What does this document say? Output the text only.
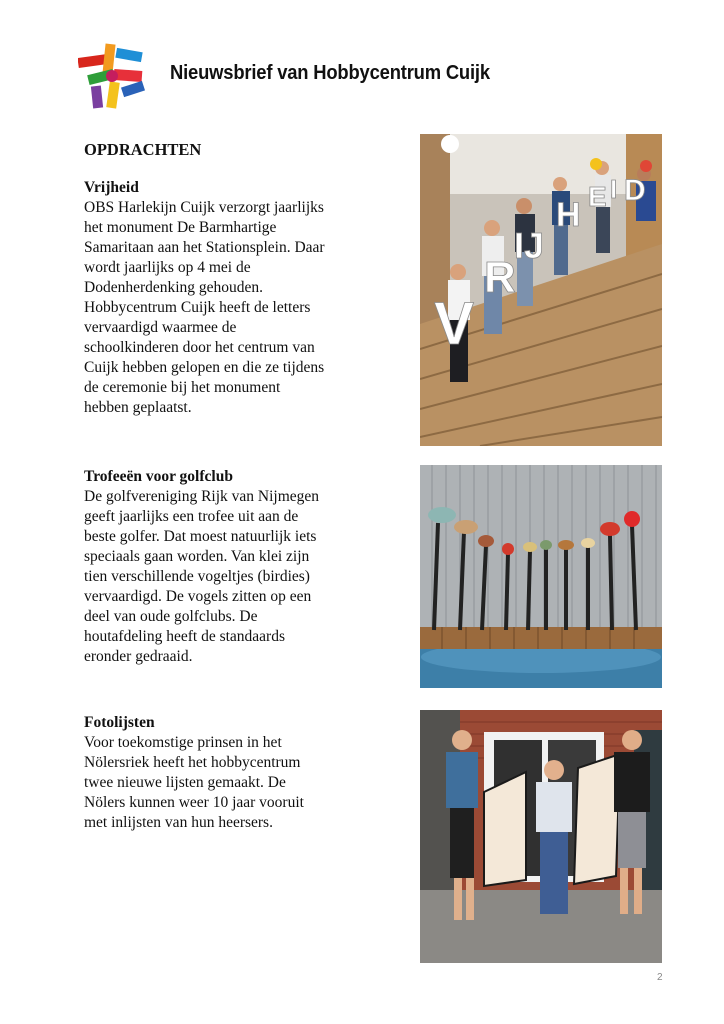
Nieuwsbrief van Hobbycentrum Cuijk
OPDRACHTEN
Vrijheid

OBS Harlekijn Cuijk verzorgt jaarlijks

het monument De Barmhartige

Samaritaan aan het Stationsplein. Daar

wordt jaarlijks op 4 mei de

Dodenherdenking gehouden.

Hobbycentrum Cuijk heeft de letters

vervaardigd waarmee de

schoolkinderen door het centrum van

Cuijk hebben gelopen en die ze tijdens

de ceremonie bij het monument

hebben geplaatst.

V
R
IJ
H E I D
Trofeeën voor golfclub

De golfvereniging Rijk van Nijmegen

geeft jaarlijks een trofee uit aan de

beste golfer. Dat moest natuurlijk iets

speciaals gaan worden. Van klei zijn

tien verschillende vogeltjes (birdies)

vervaardigd. De vogels zitten op een

deel van oude golfclubs. De

houtafdeling heeft de standaards

eronder gedraaid.

Fotolijsten

Voor toekomstige prinsen in het

Nölersriek heeft het hobbycentrum

twee nieuwe lijsten gemaakt. De

Nölers kunnen weer 10 jaar vooruit

met inlijsten van hun heersers.

2
